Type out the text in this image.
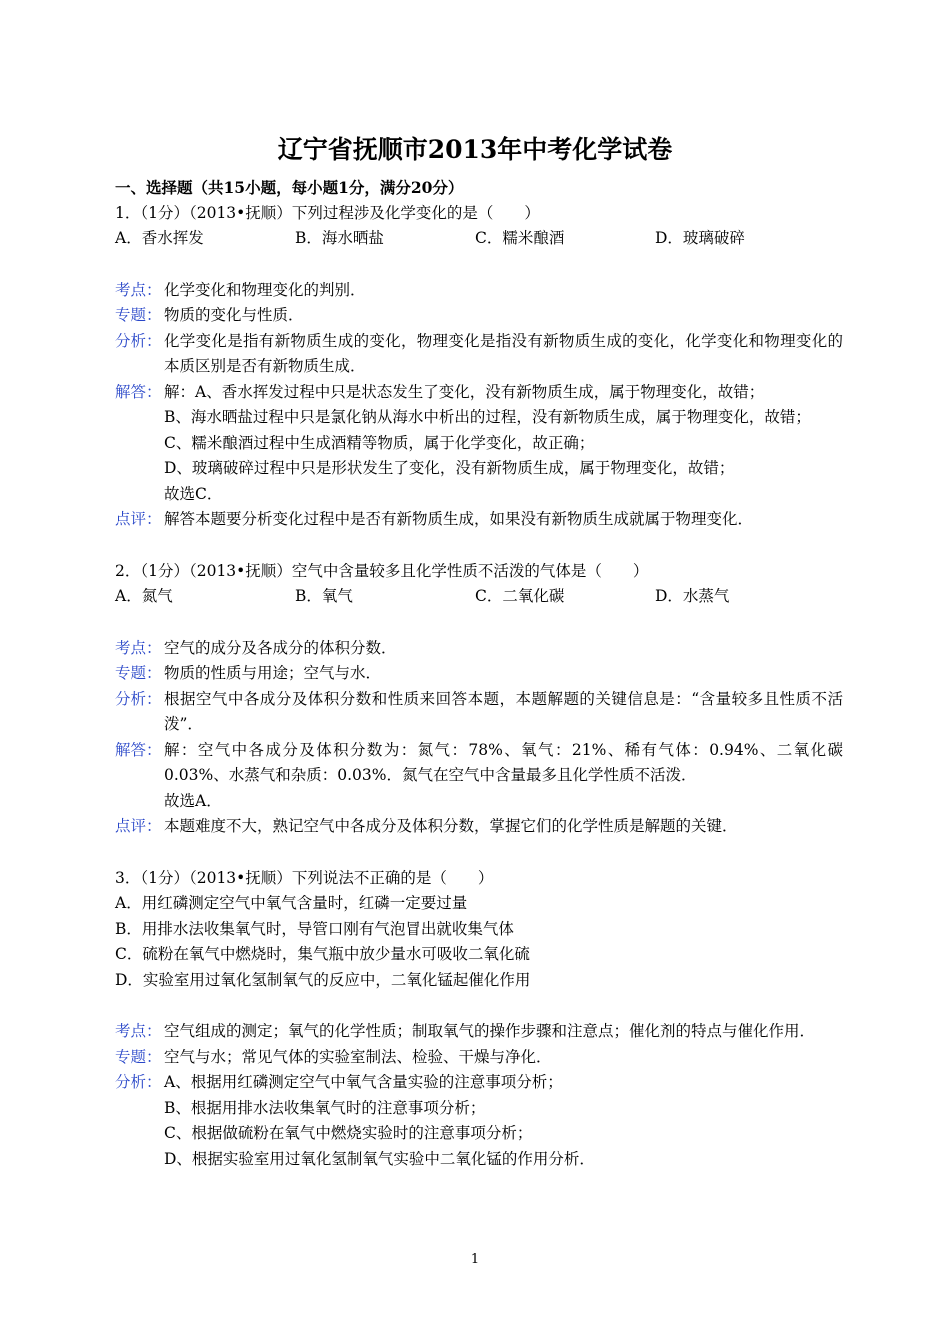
辽宁省抚顺市2013年中考化学试卷
一、选择题（共15小题，每小题1分，满分20分）
1．（1分）（2013•抚顺）下列过程涉及化学变化的是（　　）
A．香水挥发	B．海水晒盐	C．糯米酿酒	D．玻璃破碎
考点： 化学变化和物理变化的判别．
专题： 物质的变化与性质．
分析： 化学变化是指有新物质生成的变化，物理变化是指没有新物质生成的变化，化学变化和物理变化的本质区别是否有新物质生成．
解答： 解：A、香水挥发过程中只是状态发生了变化，没有新物质生成，属于物理变化，故错；
B、海水晒盐过程中只是氯化钠从海水中析出的过程，没有新物质生成，属于物理变化，故错；
C、糯米酿酒过程中生成酒精等物质，属于化学变化，故正确；
D、玻璃破碎过程中只是形状发生了变化，没有新物质生成，属于物理变化，故错；
故选C．
点评： 解答本题要分析变化过程中是否有新物质生成，如果没有新物质生成就属于物理变化．
2．（1分）（2013•抚顺）空气中含量较多且化学性质不活泼的气体是（　　）
A．氮气	B．氧气	C．二氧化碳	D．水蒸气
考点： 空气的成分及各成分的体积分数．
专题： 物质的性质与用途；空气与水．
分析： 根据空气中各成分及体积分数和性质来回答本题，本题解题的关键信息是：“含量较多且性质不活泼”．
解答： 解：空气中各成分及体积分数为：氮气：78%、氧气：21%、稀有气体：0.94%、二氧化碳0.03%、水蒸气和杂质：0.03%．氮气在空气中含量最多且化学性质不活泼．
故选A．
点评： 本题难度不大，熟记空气中各成分及体积分数，掌握它们的化学性质是解题的关键．
3．（1分）（2013•抚顺）下列说法不正确的是（　　）
A．用红磷测定空气中氧气含量时，红磷一定要过量
B．用排水法收集氧气时，导管口刚有气泡冒出就收集气体
C．硫粉在氧气中燃烧时，集气瓶中放少量水可吸收二氧化硫
D．实验室用过氧化氢制氧气的反应中，二氧化锰起催化作用
考点： 空气组成的测定；氧气的化学性质；制取氧气的操作步骤和注意点；催化剂的特点与催化作用．
专题： 空气与水；常见气体的实验室制法、检验、干燥与净化．
分析： A、根据用红磷测定空气中氧气含量实验的注意事项分析；
B、根据用排水法收集氧气时的注意事项分析；
C、根据做硫粉在氧气中燃烧实验时的注意事项分析；
D、根据实验室用过氧化氢制氧气实验中二氧化锰的作用分析．
1
